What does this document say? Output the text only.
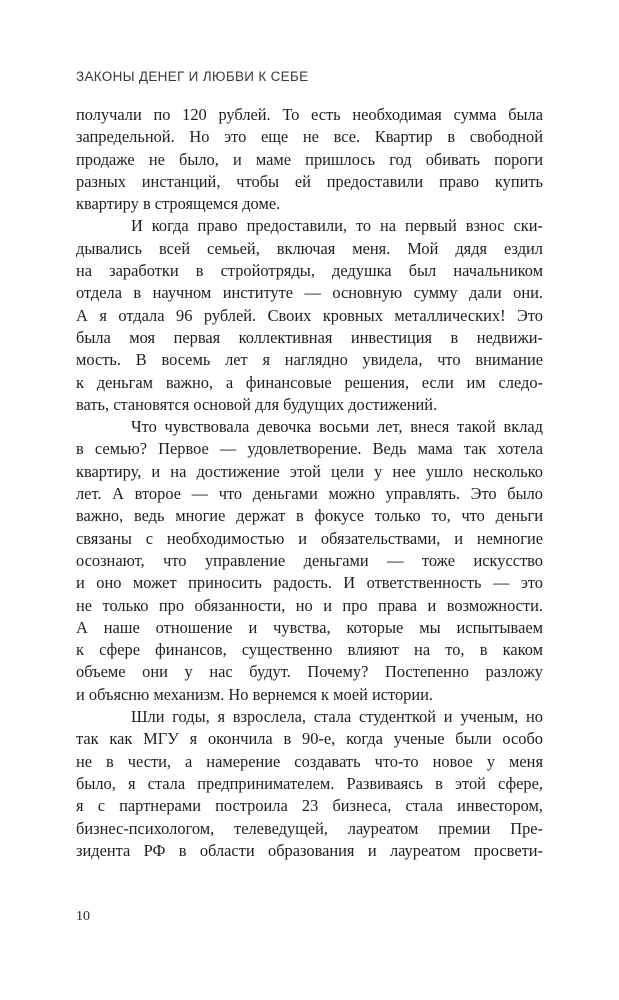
ЗАКОНЫ ДЕНЕГ И ЛЮБВИ К СЕБЕ

получали по 120 рублей. То есть необходимая сумма была
запредельной. Но это еще не все. Квартир в свободной
продаже не было, и маме пришлось год обивать пороги
разных инстанций, чтобы ей предоставили право купить
квартиру в строящемся доме.

И когда право предоставили, то на первый взнос ски-
дывались всей семьей, включая меня. Мой дядя ездил
на заработки в стройотряды, дедушка был начальником
отдела в научном институте — основную сумму дали они.
А я отдала 96 рублей. Своих кровных металлических! Это
была моя первая коллективная инвестиция в недвижи-
мость. В восемь лет я наглядно увидела, что внимание
к деньгам важно, а финансовые решения, если им следо-
вать, становятся основой для будущих достижений.

Что чувствовала девочка восьми лет, внеся такой вклад
в семью? Первое — удовлетворение. Ведь мама так хотела
квартиру, и на достижение этой цели у нее ушло несколько
лет. А второе — что деньгами можно управлять. Это было
важно, ведь многие держат в фокусе только то, что деньги
связаны с необходимостью и обязательствами, и немногие
осознают, что управление деньгами — тоже искусство
и оно может приносить радость. И ответственность — это
не только про обязанности, но и про права и возможности.
А наше отношение и чувства, которые мы испытываем
к сфере финансов, существенно влияют на то, в каком
объеме они у нас будут. Почему? Постепенно разложу
и объясню механизм. Но вернемся к моей истории.

Шли годы, я взрослела, стала студенткой и ученым, но
так как МГУ я окончила в 90-е, когда ученые были особо
не в чести, а намерение создавать что-то новое у меня
было, я стала предпринимателем. Развиваясь в этой сфере,
я с партнерами построила 23 бизнеса, стала инвестором,
бизнес-психологом, телеведущей, лауреатом премии Пре-
зидента РФ в области образования и лауреатом просвети-

10
